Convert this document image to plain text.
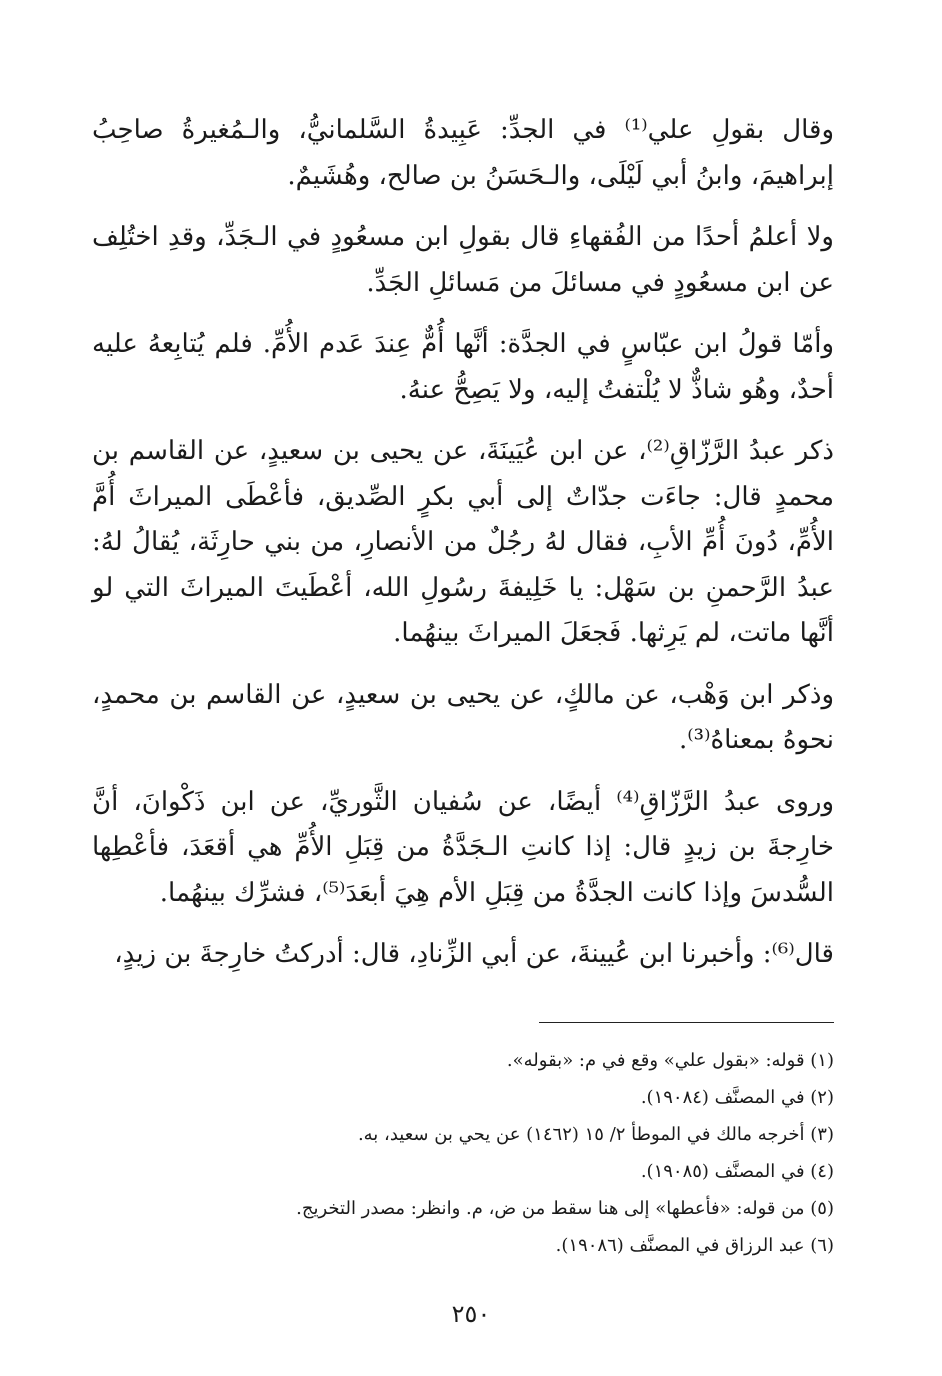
وقال بقولِ علي⁽¹⁾ في الجدِّ: عَبِيدةُ السَّلمانيُّ، والـمُغيرةُ صاحِبُ إبراهيمَ، وابنُ أبي لَيْلَى، والـحَسَنُ بن صالح، وهُشَيمٌ.

ولا أعلمُ أحدًا من الفُقهاءِ قال بقولِ ابن مسعُودٍ في الـجَدِّ، وقدِ اختُلِف عن ابن مسعُودٍ في مسائلَ من مَسائلِ الجَدِّ.

وأمّا قولُ ابن عبّاسٍ في الجدَّة: أنَّها أُمٌّ عِندَ عَدم الأُمِّ. فلم يُتابِعهُ عليه أحدٌ، وهُو شاذٌّ لا يُلْتفتُ إليه، ولا يَصِحُّ عنهُ.

ذكر عبدُ الرَّزّاقِ⁽²⁾، عن ابن عُيَينَةَ، عن يحيى بن سعيدٍ، عن القاسم بن محمدٍ قال: جاءَت جدّاتٌ إلى أبي بكرٍ الصِّديق، فأعْطَى الميراثَ أُمَّ الأُمِّ، دُونَ أُمِّ الأبِ، فقال لهُ رجُلٌ من الأنصارِ، من بني حارِثَة، يُقالُ لهُ: عبدُ الرَّحمنِ بن سَهْل: يا خَلِيفةَ رسُولِ الله، أعْطَيتَ الميراثَ التي لو أنَّها ماتت، لم يَرِثها. فَجعَلَ الميراثَ بينهُما.

وذكر ابن وَهْب، عن مالكٍ، عن يحيى بن سعيدٍ، عن القاسم بن محمدٍ، نحوهُ بمعناهُ⁽³⁾.

وروى عبدُ الرَّزّاقِ⁽⁴⁾ أيضًا، عن سُفيان الثَّوريِّ، عن ابن ذَكْوانَ، أنَّ خارِجةَ بن زيدٍ قال: إذا كانتِ الـجَدَّةُ من قِبَلِ الأُمِّ هي أقعَدَ، فأعْطِها السُّدسَ وإذا كانت الجدَّةُ من قِبَلِ الأم هِيَ أبعَدَ⁽⁵⁾، فشرِّك بينهُما.

قال⁽⁶⁾: وأخبرنا ابن عُيينةَ، عن أبي الزِّنادِ، قال: أدركتُ خارِجةَ بن زيدٍ،

(١) قوله: «بقول علي» وقع في م: «بقوله».

(٢) في المصنَّف (١٩٠٨٤).

(٣) أخرجه مالك في الموطأ ٢/ ١٥ (١٤٦٢) عن يحي بن سعيد، به.

(٤) في المصنَّف (١٩٠٨٥).

(٥) من قوله: «فأعطها» إلى هنا سقط من ض، م. وانظر: مصدر التخريج.

(٦) عبد الرزاق في المصنَّف (١٩٠٨٦).

٢٥٠
